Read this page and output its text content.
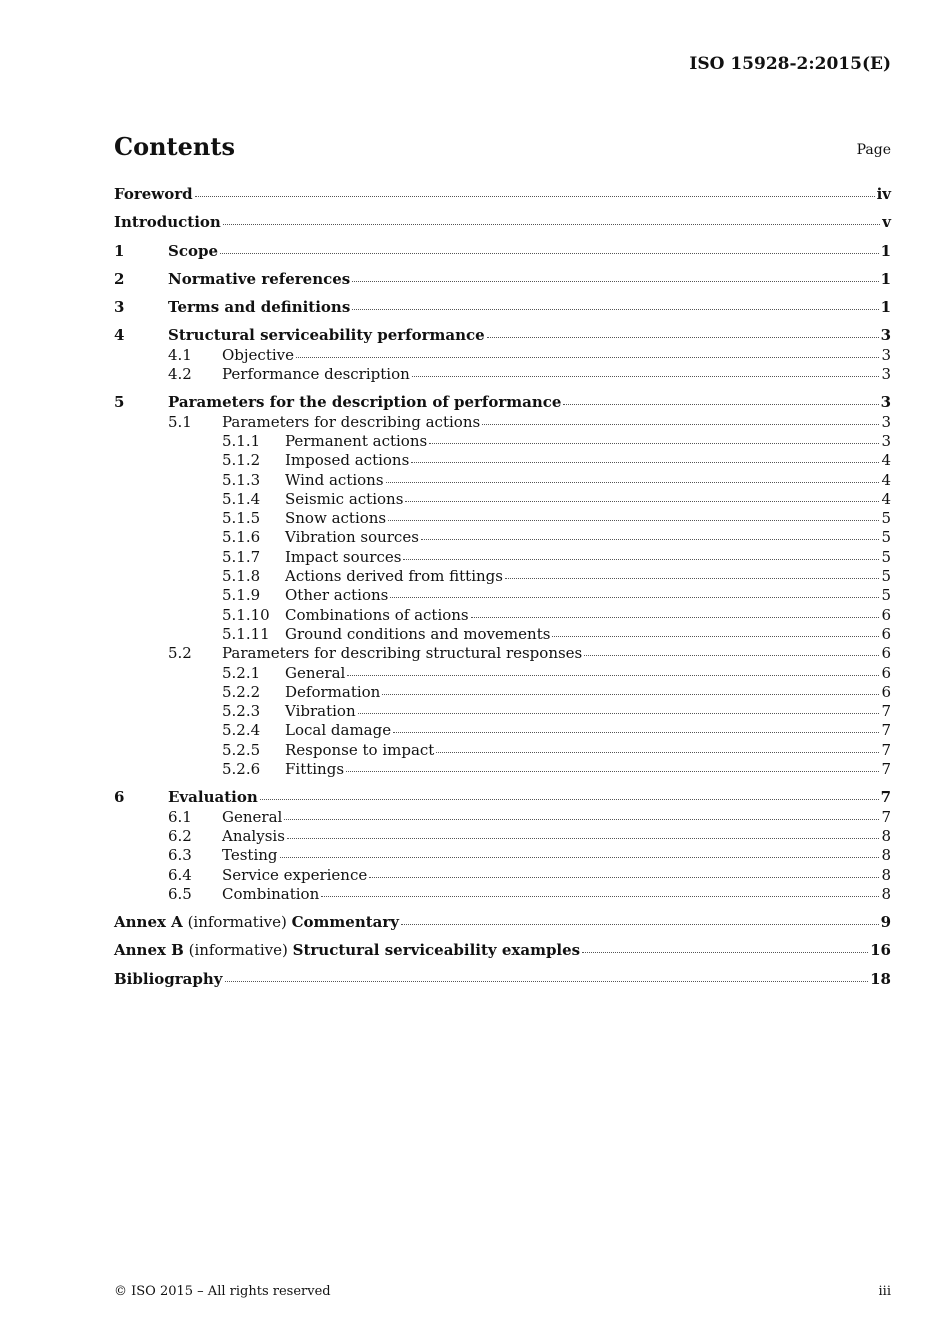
ISO 15928-2:2015(E)
Contents	Page
Foreword	iv
Introduction	v
1	Scope	1
2	Normative references	1
3	Terms and definitions	1
4	Structural serviceability performance	3
4.1	Objective	3
4.2	Performance description	3
5	Parameters for the description of performance	3
5.1	Parameters for describing actions	3
5.1.1	Permanent actions	3
5.1.2	Imposed actions	4
5.1.3	Wind actions	4
5.1.4	Seismic actions	4
5.1.5	Snow actions	5
5.1.6	Vibration sources	5
5.1.7	Impact sources	5
5.1.8	Actions derived from fittings	5
5.1.9	Other actions	5
5.1.10	Combinations of actions	6
5.1.11	Ground conditions and movements	6
5.2	Parameters for describing structural responses	6
5.2.1	General	6
5.2.2	Deformation	6
5.2.3	Vibration	7
5.2.4	Local damage	7
5.2.5	Response to impact	7
5.2.6	Fittings	7
6	Evaluation	7
6.1	General	7
6.2	Analysis	8
6.3	Testing	8
6.4	Service experience	8
6.5	Combination	8
Annex A (informative) Commentary	9
Annex B (informative) Structural serviceability examples	16
Bibliography	18
© ISO 2015 – All rights reserved	iii
